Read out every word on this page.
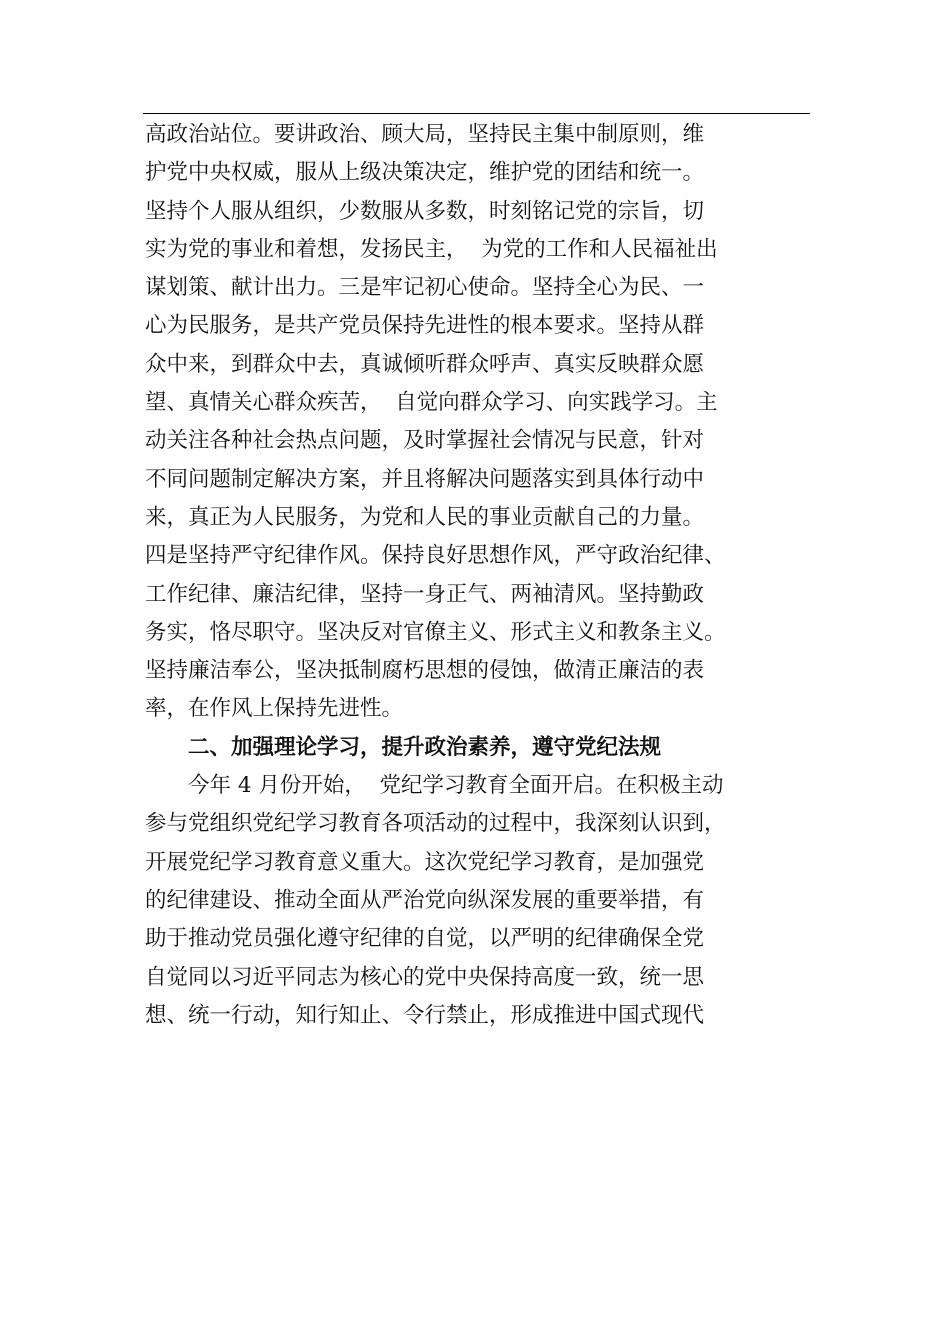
高政治站位。要讲政治、顾大局，坚持民主集中制原则，维
护党中央权威，服从上级决策决定，维护党的团结和统一。
坚持个人服从组织，少数服从多数，时刻铭记党的宗旨，切
实为党的事业和着想，发扬民主，  为党的工作和人民福祉出
谋划策、献计出力。三是牢记初心使命。坚持全心为民、一
心为民服务，是共产党员保持先进性的根本要求。坚持从群
众中来，到群众中去，真诚倾听群众呼声、真实反映群众愿
望、真情关心群众疾苦，  自觉向群众学习、向实践学习。主
动关注各种社会热点问题，及时掌握社会情况与民意，针对
不同问题制定解决方案，并且将解决问题落实到具体行动中
来，真正为人民服务，为党和人民的事业贡献自己的力量。
四是坚持严守纪律作风。保持良好思想作风，严守政治纪律、
工作纪律、廉洁纪律，坚持一身正气、两袖清风。坚持勤政
务实，恪尽职守。坚决反对官僚主义、形式主义和教条主义。
坚持廉洁奉公，坚决抵制腐朽思想的侵蚀，做清正廉洁的表
率，在作风上保持先进性。
二、加强理论学习，提升政治素养，遵守党纪法规
今年 4 月份开始，  党纪学习教育全面开启。在积极主动
参与党组织党纪学习教育各项活动的过程中，我深刻认识到，
开展党纪学习教育意义重大。这次党纪学习教育，是加强党
的纪律建设、推动全面从严治党向纵深发展的重要举措，有
助于推动党员强化遵守纪律的自觉，以严明的纪律确保全党
自觉同以习近平同志为核心的党中央保持高度一致，统一思
想、统一行动，知行知止、令行禁止，形成推进中国式现代
